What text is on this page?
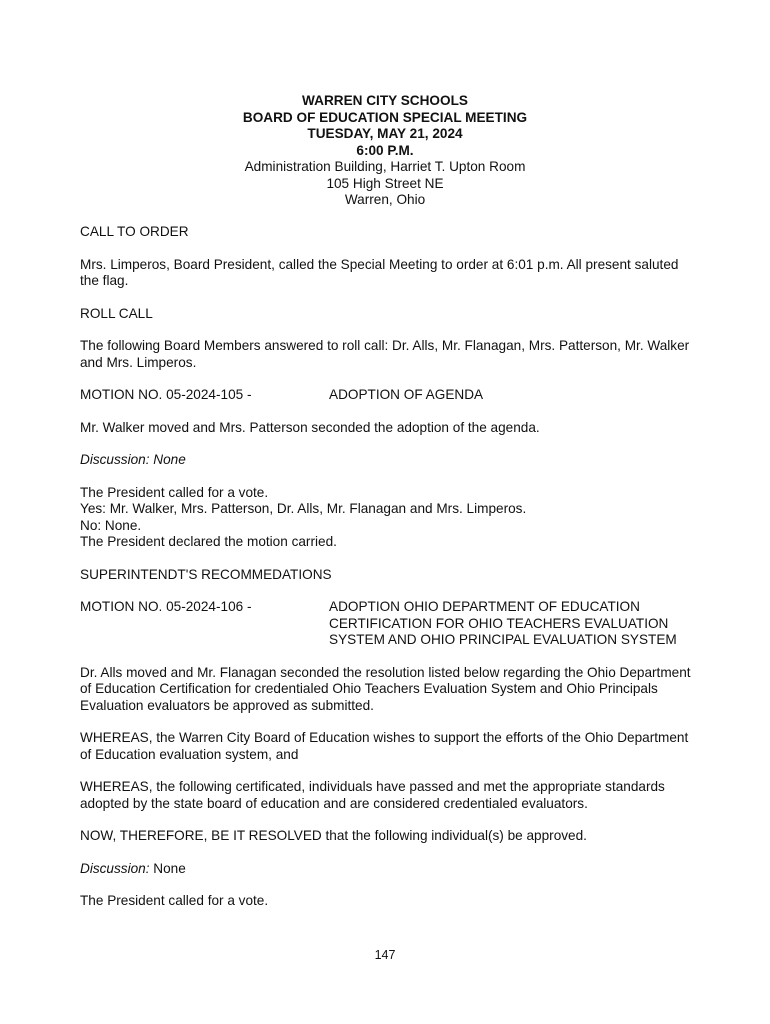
WARREN CITY SCHOOLS
BOARD OF EDUCATION SPECIAL MEETING
TUESDAY, MAY 21, 2024
6:00 P.M.
Administration Building, Harriet T. Upton Room
105 High Street NE
Warren, Ohio

CALL TO ORDER

Mrs. Limperos, Board President, called the Special Meeting to order at 6:01 p.m. All present saluted the flag.

ROLL CALL

The following Board Members answered to roll call: Dr. Alls, Mr. Flanagan, Mrs. Patterson, Mr. Walker and Mrs. Limperos.

MOTION NO. 05-2024-105 -	ADOPTION OF AGENDA

Mr. Walker moved and Mrs. Patterson seconded the adoption of the agenda.

Discussion: None

The President called for a vote.
Yes: Mr. Walker, Mrs. Patterson, Dr. Alls, Mr. Flanagan and Mrs. Limperos.
No: None.
The President declared the motion carried.

SUPERINTENDT'S RECOMMEDATIONS

MOTION NO. 05-2024-106 -	ADOPTION OHIO DEPARTMENT OF EDUCATION CERTIFICATION FOR OHIO TEACHERS EVALUATION SYSTEM AND OHIO PRINCIPAL EVALUATION SYSTEM

Dr. Alls moved and Mr. Flanagan seconded the resolution listed below regarding the Ohio Department of Education Certification for credentialed Ohio Teachers Evaluation System and Ohio Principals Evaluation evaluators be approved as submitted.

WHEREAS, the Warren City Board of Education wishes to support the efforts of the Ohio Department of Education evaluation system, and

WHEREAS, the following certificated, individuals have passed and met the appropriate standards adopted by the state board of education and are considered credentialed evaluators.

NOW, THEREFORE, BE IT RESOLVED that the following individual(s) be approved.

Discussion: None

The President called for a vote.

147
